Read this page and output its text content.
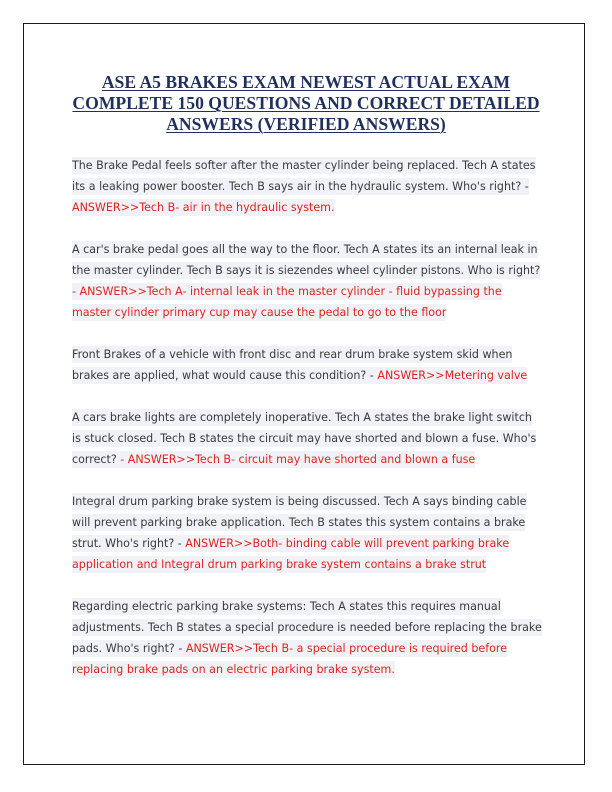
ASE A5 BRAKES EXAM NEWEST ACTUAL EXAM COMPLETE 150 QUESTIONS AND CORRECT DETAILED ANSWERS (VERIFIED ANSWERS)

The Brake Pedal feels softer after the master cylinder being replaced. Tech A states its a leaking power booster. Tech B says air in the hydraulic system. Who's right? - ANSWER>>Tech B- air in the hydraulic system.

A car's brake pedal goes all the way to the floor. Tech A states its an internal leak in the master cylinder. Tech B says it is siezendes wheel cylinder pistons. Who is right? - ANSWER>>Tech A- internal leak in the master cylinder - fluid bypassing the master cylinder primary cup may cause the pedal to go to the floor

Front Brakes of a vehicle with front disc and rear drum brake system skid when brakes are applied, what would cause this condition? - ANSWER>>Metering valve

A cars brake lights are completely inoperative. Tech A states the brake light switch is stuck closed. Tech B states the circuit may have shorted and blown a fuse. Who's correct? - ANSWER>>Tech B- circuit may have shorted and blown a fuse

Integral drum parking brake system is being discussed. Tech A says binding cable will prevent parking brake application. Tech B states this system contains a brake strut. Who's right? - ANSWER>>Both- binding cable will prevent parking brake application and Integral drum parking brake system contains a brake strut

Regarding electric parking brake systems: Tech A states this requires manual adjustments. Tech B states a special procedure is needed before replacing the brake pads. Who's right? - ANSWER>>Tech B- a special procedure is required before replacing brake pads on an electric parking brake system.
